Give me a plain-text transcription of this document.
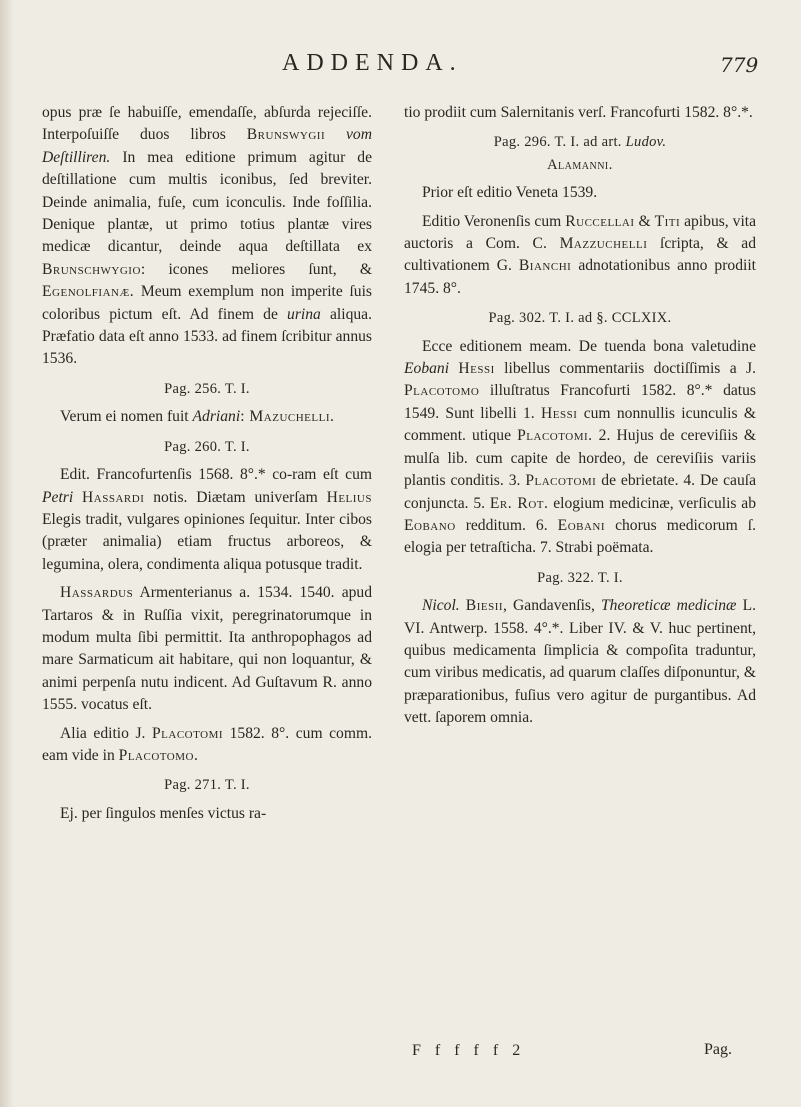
ADDENDA.	779

opus præ ſe habuiſſe, emendaſſe, abſurda rejeciſſe. Interpoſuiſſe duos libros Brunswygii vom Deſtilliren. In mea editione primum agitur de deſtillatione cum multis iconibus, ſed breviter. Deinde animalia, fuſe, cum iconculis. Inde foſſilia. Denique plantæ, ut primo totius plantæ vires medicæ dicantur, deinde aqua deſtillata ex Brunschwygio: icones meliores ſunt, & Egenolfianæ. Meum exemplum non imperite ſuis coloribus pictum eſt. Ad finem de urina aliqua. Præfatio data eſt anno 1533. ad finem ſcribitur annus 1536.

Pag. 256. T. I.

Verum ei nomen fuit Adriani: Mazuchelli.

Pag. 260. T. I.

Edit. Francofurtenſis 1568. 8°.* co-ram eſt cum Petri Hassardi notis. Diætam univerſam Helius Elegis tradit, vulgares opiniones ſequitur. Inter cibos (præter animalia) etiam fructus arboreos, & legumina, olera, condimenta aliqua potusque tradit.

Hassardus Armenterianus a. 1534. 1540. apud Tartaros & in Ruſſia vixit, peregrinatorumque in modum multa ſibi permittit. Ita anthropophagos ad mare Sarmaticum ait habitare, qui non loquantur, & animi perpenſa nutu indicent. Ad Guſtavum R. anno 1555. vocatus eſt.

Alia editio J. Placotomi 1582. 8°. cum comm. eam vide in Placotomo.

Pag. 271. T. I.

Ej. per ſingulos menſes victus ra-

tio prodiit cum Salernitanis verſ. Francofurti 1582. 8°.*.

Pag. 296. T. I. ad art. Ludov.
Alamanni.

Prior eſt editio Veneta 1539.

Editio Veronenſis cum Ruccellai & Titi apibus, vita auctoris a Com. C. Mazzuchelli ſcripta, & ad cultivationem G. Bianchi adnotationibus anno prodiit 1745. 8°.

Pag. 302. T. I. ad §. CCLXIX.

Ecce editionem meam. De tuenda bona valetudine Eobani Hessi libellus commentariis doctiſſimis a J. Placotomo illuſtratus Francofurti 1582. 8°.* datus 1549. Sunt libelli 1. Hessi cum nonnullis icunculis & comment. utique Placotomi. 2. Hujus de cereviſiis & mulſa lib. cum capite de hordeo, de cereviſiis variis plantis conditis. 3. Placotomi de ebrietate. 4. De cauſa conjuncta. 5. Er. Rot. elogium medicinæ, verſiculis ab Eobano redditum. 6. Eobani chorus medicorum ſ. elogia per tetraſticha. 7. Strabi poëmata.

Pag. 322. T. I.

Nicol. Biesii, Gandavenſis, Theoreticæ medicinæ L. VI. Antwerp. 1558. 4°.*. Liber IV. & V. huc pertinent, quibus medicamenta ſimplicia & compoſita traduntur, cum viribus medicatis, ad quarum claſſes diſponuntur, & præparationibus, fuſius vero agitur de purgantibus. Ad vett. ſaporem omnia.

F f f f f 2	Pag.
